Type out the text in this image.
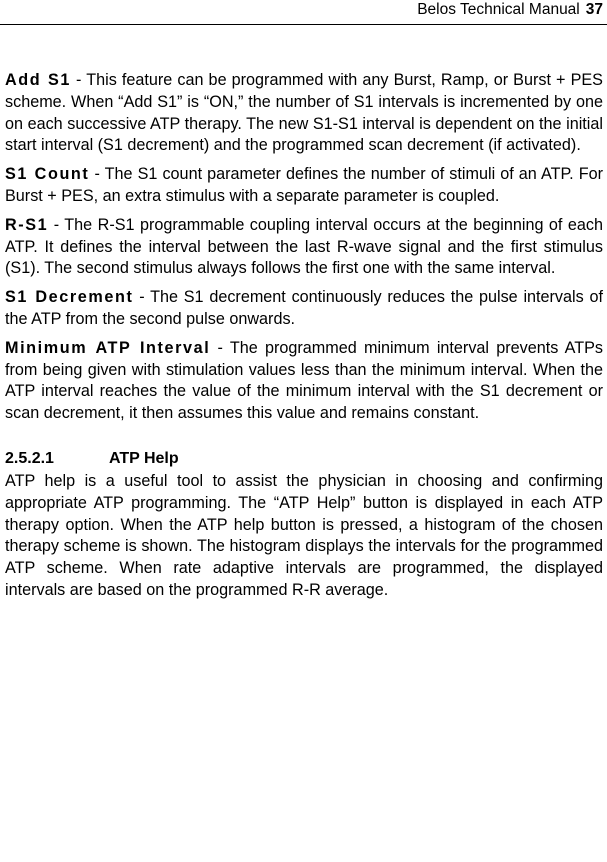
Belos Technical Manual 37

Add S1 - This feature can be programmed with any Burst, Ramp, or Burst + PES scheme. When “Add S1” is “ON,” the number of S1 intervals is incremented by one on each successive ATP therapy. The new S1-S1 interval is dependent on the initial start interval (S1 decrement) and the programmed scan decrement (if activated).

S1 Count - The S1 count parameter defines the number of stimuli of an ATP. For Burst + PES, an extra stimulus with a separate parameter is coupled.

R-S1 - The R-S1 programmable coupling interval occurs at the beginning of each ATP. It defines the interval between the last R-wave signal and the first stimulus (S1). The second stimulus always follows the first one with the same interval.

S1 Decrement - The S1 decrement continuously reduces the pulse intervals of the ATP from the second pulse onwards.

Minimum ATP Interval - The programmed minimum interval prevents ATPs from being given with stimulation values less than the minimum interval. When the ATP interval reaches the value of the minimum interval with the S1 decrement or scan decrement, it then assumes this value and remains constant.

2.5.2.1	ATP Help

ATP help is a useful tool to assist the physician in choosing and confirming appropriate ATP programming. The “ATP Help” button is displayed in each ATP therapy option. When the ATP help button is pressed, a histogram of the chosen therapy scheme is shown. The histogram displays the intervals for the programmed ATP scheme. When rate adaptive intervals are programmed, the displayed intervals are based on the programmed R-R average.
